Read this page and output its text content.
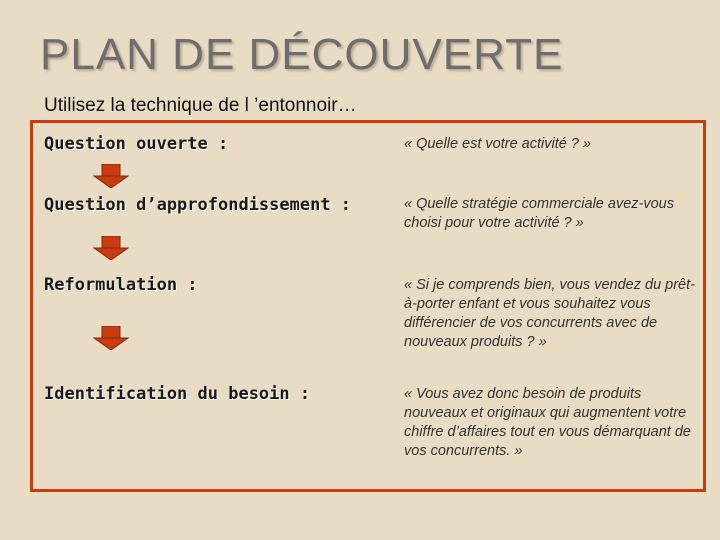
PLAN DE DÉCOUVERTE
Utilisez la technique de l ’entonnoir…
Question ouverte :	« Quelle est votre activité ? »
Question d’approfondissement :	« Quelle stratégie commerciale avez-vous choisi pour votre activité ? »
Reformulation :	« Si je comprends bien, vous vendez du prêt-à-porter enfant et vous souhaitez vous différencier de vos concurrents avec de nouveaux produits ? »
Identification du besoin :	« Vous avez donc besoin de produits nouveaux et originaux qui augmentent votre chiffre d’affaires tout en vous démarquant de vos concurrents. »
